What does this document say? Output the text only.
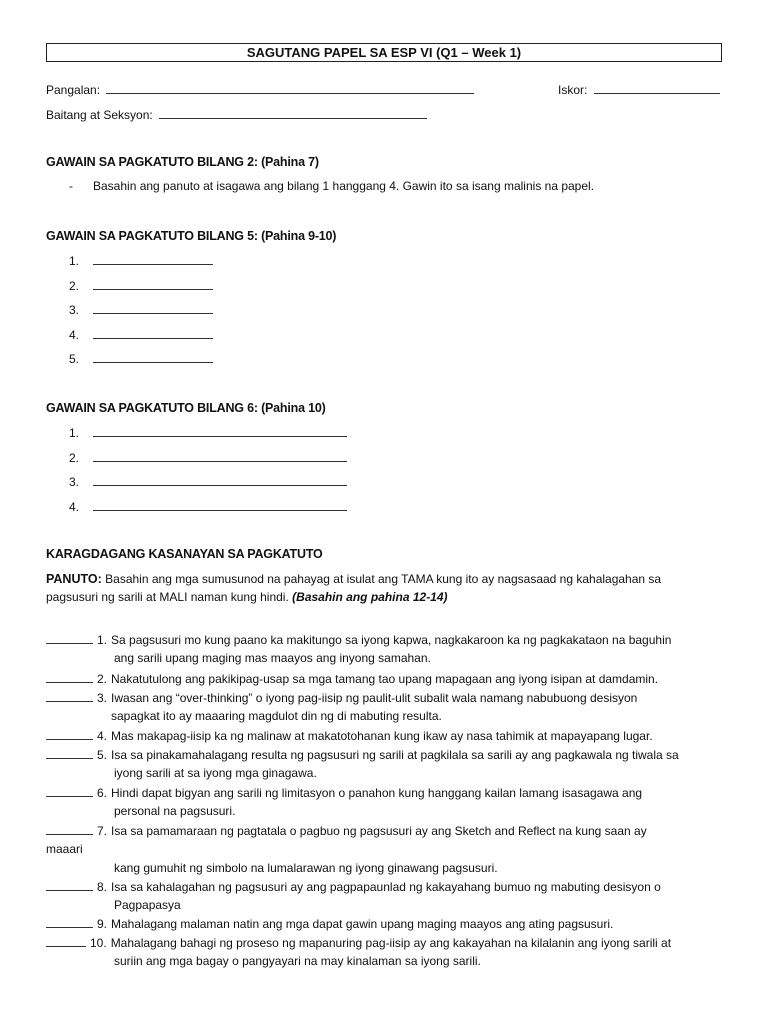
SAGUTANG PAPEL SA ESP VI (Q1 – Week 1)
Pangalan:	Iskor:
Baitang at Seksyon:
GAWAIN SA PAGKATUTO BILANG 2: (Pahina 7)
- Basahin ang panuto at isagawa ang bilang 1 hanggang 4. Gawin ito sa isang malinis na papel.
GAWAIN SA PAGKATUTO BILANG 5: (Pahina 9-10)
1.
2.
3.
4.
5.
GAWAIN SA PAGKATUTO BILANG 6: (Pahina 10)
1.
2.
3.
4.
KARAGDAGANG KASANAYAN SA PAGKATUTO
PANUTO: Basahin ang mga sumusunod na pahayag at isulat ang TAMA kung ito ay nagsasaad ng kahalagahan sa
pagsusuri ng sarili at MALI naman kung hindi. (Basahin ang pahina 12-14)
1. Sa pagsusuri mo kung paano ka makitungo sa iyong kapwa, nagkakaroon ka ng pagkakataon na baguhin
ang sarili upang maging mas maayos ang inyong samahan.
2. Nakatutulong ang pakikipag-usap sa mga tamang tao upang mapagaan ang iyong isipan at damdamin.
3. Iwasan ang “over-thinking” o iyong pag-iisip ng paulit-ulit subalit wala namang nabubuong desisyon
sapagkat ito ay maaaring magdulot din ng di mabuting resulta.
4. Mas makapag-iisip ka ng malinaw at makatotohanan kung ikaw ay nasa tahimik at mapayapang lugar.
5. Isa sa pinakamahalagang resulta ng pagsusuri ng sarili at pagkilala sa sarili ay ang pagkawala ng tiwala sa
iyong sarili at sa iyong mga ginagawa.
6. Hindi dapat bigyan ang sarili ng limitasyon o panahon kung hanggang kailan lamang isasagawa ang
personal na pagsusuri.
7. Isa sa pamamaraan ng pagtatala o pagbuo ng pagsusuri ay ang Sketch and Reflect na kung saan ay
maaari
kang gumuhit ng simbolo na lumalarawan ng iyong ginawang pagsusuri.
8. Isa sa kahalagahan ng pagsusuri ay ang pagpapaunlad ng kakayahang bumuo ng mabuting desisyon o
Pagpapasya
9. Mahalagang malaman natin ang mga dapat gawin upang maging maayos ang ating pagsusuri.
10. Mahalagang bahagi ng proseso ng mapanuring pag-iisip ay ang kakayahan na kilalanin ang iyong sarili at
suriin ang mga bagay o pangyayari na may kinalaman sa iyong sarili.
